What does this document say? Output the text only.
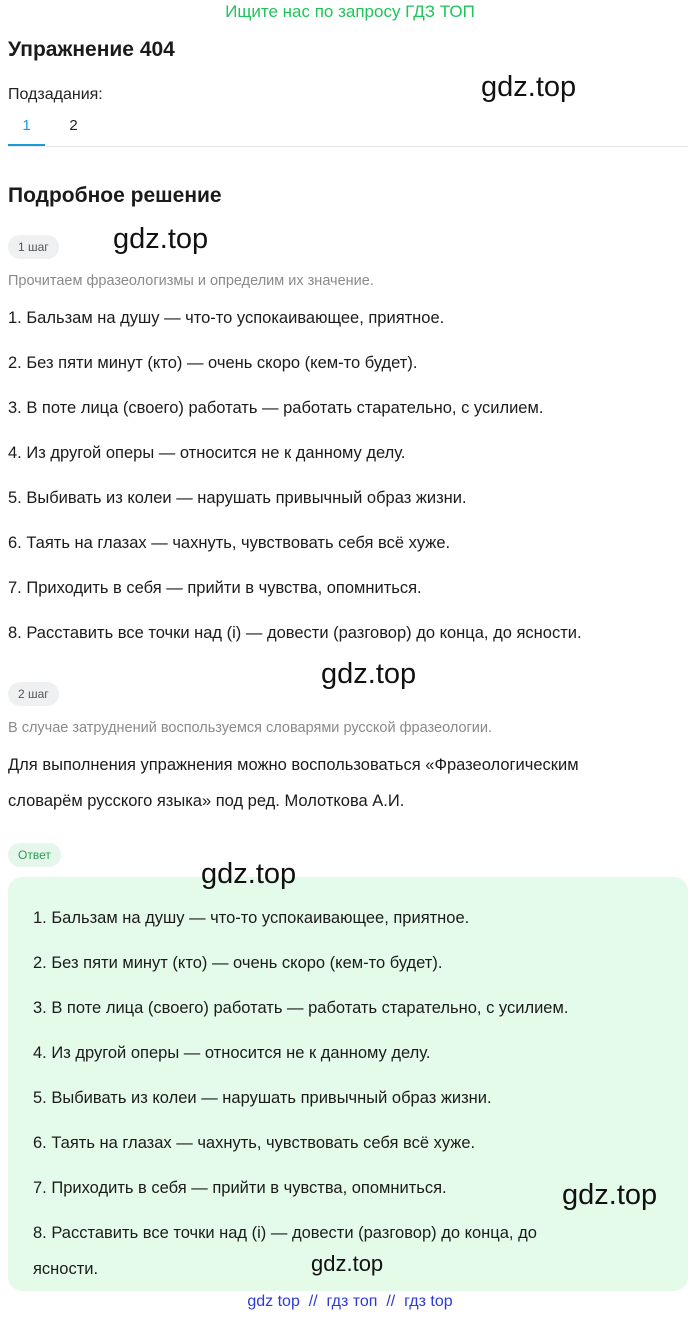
Ищите нас по запросу ГДЗ ТОП
Упражнение 404
Подзадания:
1	2
Подробное решение
1 шаг
Прочитаем фразеологизмы и определим их значение.
1. Бальзам на душу — что-то успокаивающее, приятное.
2. Без пяти минут (кто) — очень скоро (кем-то будет).
3. В поте лица (своего) работать — работать старательно, с усилием.
4. Из другой оперы — относится не к данному делу.
5. Выбивать из колеи — нарушать привычный образ жизни.
6. Таять на глазах — чахнуть, чувствовать себя всё хуже.
7. Приходить в себя — прийти в чувства, опомниться.
8. Расставить все точки над (i) — довести (разговор) до конца, до ясности.
2 шаг
В случае затруднений воспользуемся словарями русской фразеологии.
Для выполнения упражнения можно воспользоваться «Фразеологическим
словарём русского языка» под ред. Молоткова А.И.
Ответ
1. Бальзам на душу — что-то успокаивающее, приятное.
2. Без пяти минут (кто) — очень скоро (кем-то будет).
3. В поте лица (своего) работать — работать старательно, с усилием.
4. Из другой оперы — относится не к данному делу.
5. Выбивать из колеи — нарушать привычный образ жизни.
6. Таять на глазах — чахнуть, чувствовать себя всё хуже.
7. Приходить в себя — прийти в чувства, опомниться.
8. Расставить все точки над (i) — довести (разговор) до конца, до
ясности.
gdz.top
gdz.top
gdz.top
gdz.top
gdz.top
gdz.top
gdz top // гдз топ // гдз top
